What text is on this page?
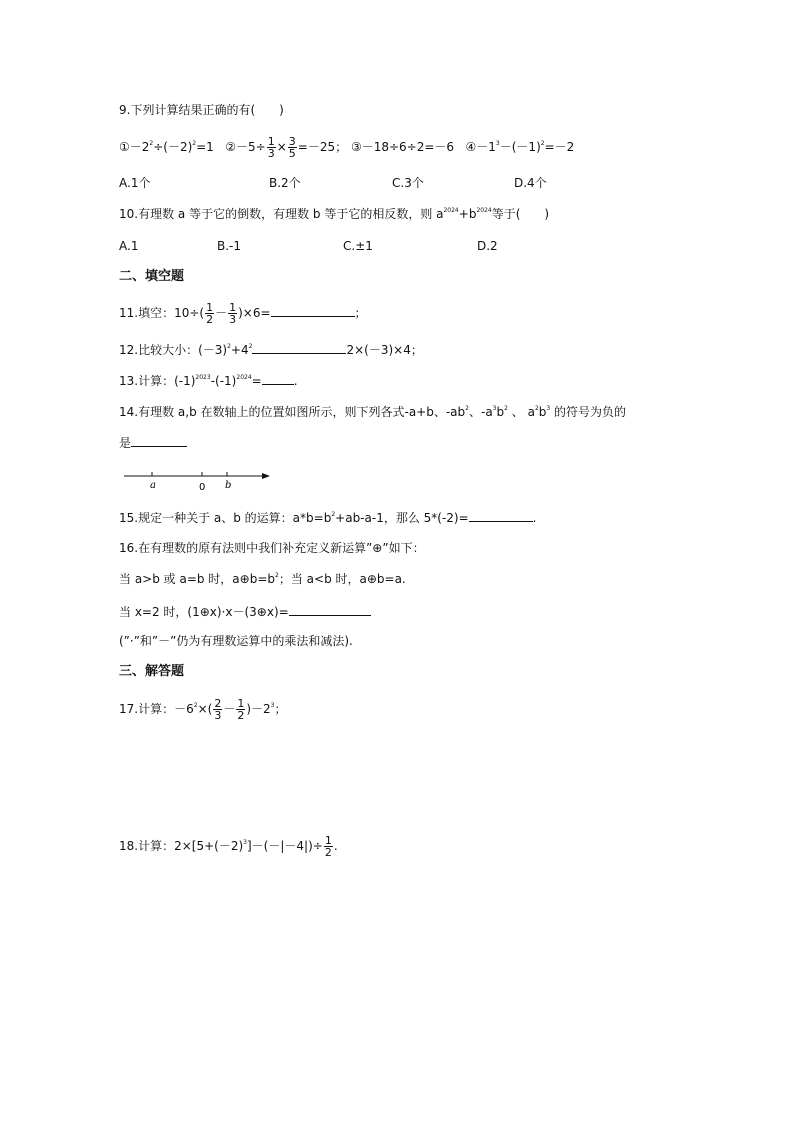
9.下列计算结果正确的有(　　)
$①-2^2\div(-2)^2=1$ ②－5÷ $\frac{1}{3} \times \frac{3}{5} =-25$； ③－18÷6÷2=－6 $④-1^3-(-1)^2=-2$
A.1个	B.2个	C.3个	D.4个
10.有理数 a 等于它的倒数，有理数 b 等于它的相反数，则 $a^{2024}+b^{2024}$等于(　　)
A.1	B.-1	C.±1	D.2
二、填空题
11.填空：$10\div( \frac{1}{2} - \frac{1}{3} )\times 6=$	；
12.比较大小：$(-3)^2+4^2$	2×(－3)×4；
13.计算：$(-1)^{2023}-(-1)^{2024}=$	.
14.有理数 a,b 在数轴上的位置如图所示，则下列各式-a+b、$-ab^2$、$-a^3b^2$ 、 $a^2b^3$ 的符号为负的
是
a	0 b
15.规定一种关于 a、b 的运算：$a*b=b^2+ab-a-1$，那么 5*(-2)=	.
16.在有理数的原有法则中我们补充定义新运算”⊕”如下：
当 a>b 或 a=b 时，$a\oplus b=b^2$；当 a<b 时，a⊕b=a.
当 x=2 时，(1⊕x)·x－(3⊕x)=
(”·”和”－”仍为有理数运算中的乘法和减法).
三、解答题
17.计算：$-6^2\times( \frac{2}{3} - \frac{1}{2} )-2^3$；
18.计算：$2\times[5+(-2)^3]-(-|-4|)\div \frac{1}{2}$ .
